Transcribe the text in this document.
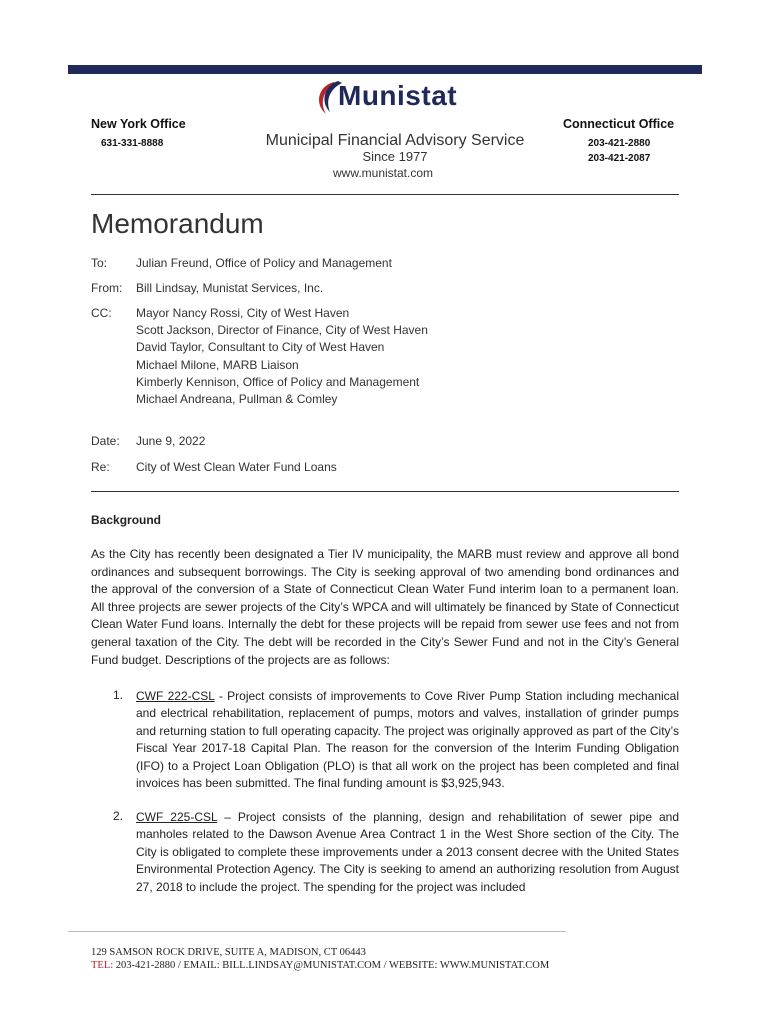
New York Office
631-331-8888
Munistat
Connecticut Office
203-421-2880
203-421-2087
Municipal Financial Advisory Service
Since 1977
www.munistat.com
Memorandum
To: Julian Freund, Office of Policy and Management
From: Bill Lindsay, Munistat Services, Inc.
CC: Mayor Nancy Rossi, City of West Haven
Scott Jackson, Director of Finance, City of West Haven
David Taylor, Consultant to City of West Haven
Michael Milone, MARB Liaison
Kimberly Kennison, Office of Policy and Management
Michael Andreana, Pullman & Comley
Date: June 9, 2022
Re: City of West Clean Water Fund Loans
Background
As the City has recently been designated a Tier IV municipality, the MARB must review and approve all bond ordinances and subsequent borrowings. The City is seeking approval of two amending bond ordinances and the approval of the conversion of a State of Connecticut Clean Water Fund interim loan to a permanent loan. All three projects are sewer projects of the City’s WPCA and will ultimately be financed by State of Connecticut Clean Water Fund loans. Internally the debt for these projects will be repaid from sewer use fees and not from general taxation of the City. The debt will be recorded in the City’s Sewer Fund and not in the City’s General Fund budget. Descriptions of the projects are as follows:
1. CWF 222-CSL - Project consists of improvements to Cove River Pump Station including mechanical and electrical rehabilitation, replacement of pumps, motors and valves, installation of grinder pumps and returning station to full operating capacity. The project was originally approved as part of the City’s Fiscal Year 2017-18 Capital Plan. The reason for the conversion of the Interim Funding Obligation (IFO) to a Project Loan Obligation (PLO) is that all work on the project has been completed and final invoices has been submitted. The final funding amount is $3,925,943.
2. CWF 225-CSL – Project consists of the planning, design and rehabilitation of sewer pipe and manholes related to the Dawson Avenue Area Contract 1 in the West Shore section of the City. The City is obligated to complete these improvements under a 2013 consent decree with the United States Environmental Protection Agency. The City is seeking to amend an authorizing resolution from August 27, 2018 to include the project. The spending for the project was included
129 SAMSON ROCK DRIVE, SUITE A, MADISON, CT 06443
TEL: 203-421-2880 / EMAIL: BILL.LINDSAY@MUNISTAT.COM / WEBSITE: WWW.MUNISTAT.COM
